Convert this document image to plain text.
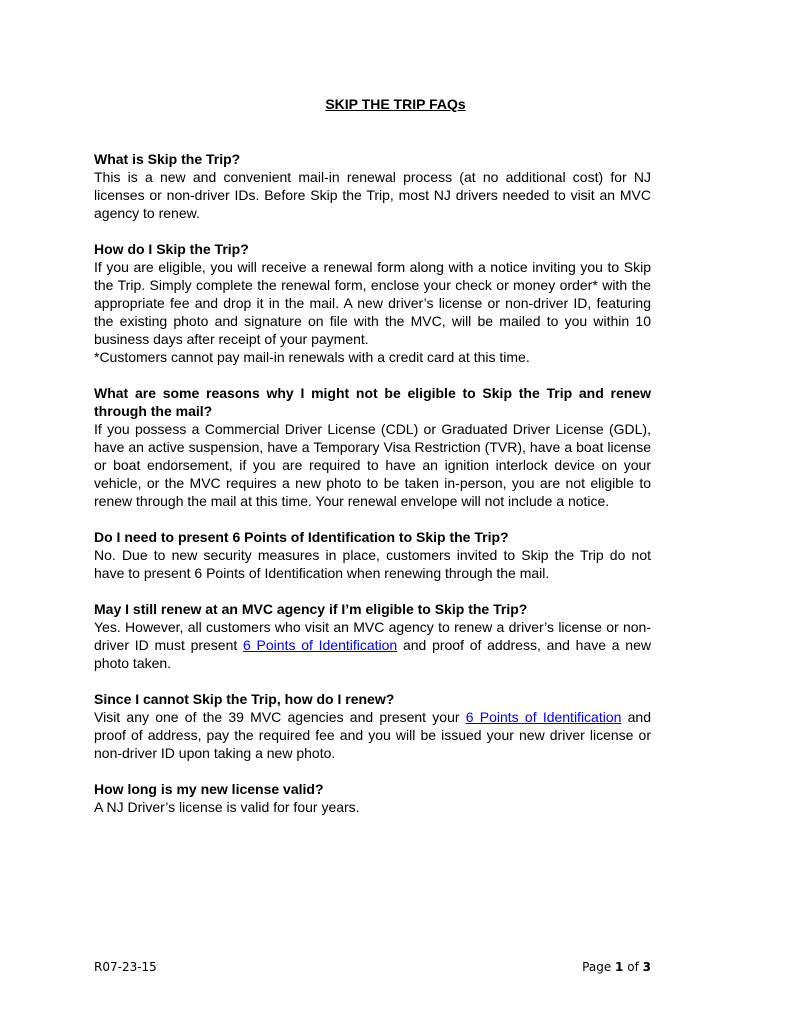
SKIP THE TRIP FAQs

What is Skip the Trip?

This is a new and convenient mail-in renewal process (at no additional cost) for NJ licenses or non-driver IDs. Before Skip the Trip, most NJ drivers needed to visit an MVC agency to renew.

How do I Skip the Trip?

If you are eligible, you will receive a renewal form along with a notice inviting you to Skip the Trip. Simply complete the renewal form, enclose your check or money order* with the appropriate fee and drop it in the mail. A new driver’s license or non-driver ID, featuring the existing photo and signature on file with the MVC, will be mailed to you within 10 business days after receipt of your payment.

*Customers cannot pay mail-in renewals with a credit card at this time.

What are some reasons why I might not be eligible to Skip the Trip and renew through the mail?

If you possess a Commercial Driver License (CDL) or Graduated Driver License (GDL), have an active suspension, have a Temporary Visa Restriction (TVR), have a boat license or boat endorsement, if you are required to have an ignition interlock device on your vehicle, or the MVC requires a new photo to be taken in-person, you are not eligible to renew through the mail at this time. Your renewal envelope will not include a notice.

Do I need to present 6 Points of Identification to Skip the Trip?

No. Due to new security measures in place, customers invited to Skip the Trip do not have to present 6 Points of Identification when renewing through the mail.

May I still renew at an MVC agency if I’m eligible to Skip the Trip?

Yes. However, all customers who visit an MVC agency to renew a driver’s license or non-driver ID must present 6 Points of Identification and proof of address, and have a new photo taken.

Since I cannot Skip the Trip, how do I renew?

Visit any one of the 39 MVC agencies and present your 6 Points of Identification and proof of address, pay the required fee and you will be issued your new driver license or non-driver ID upon taking a new photo.

How long is my new license valid?

A NJ Driver’s license is valid for four years.

R07-23-15	Page 1 of 3
